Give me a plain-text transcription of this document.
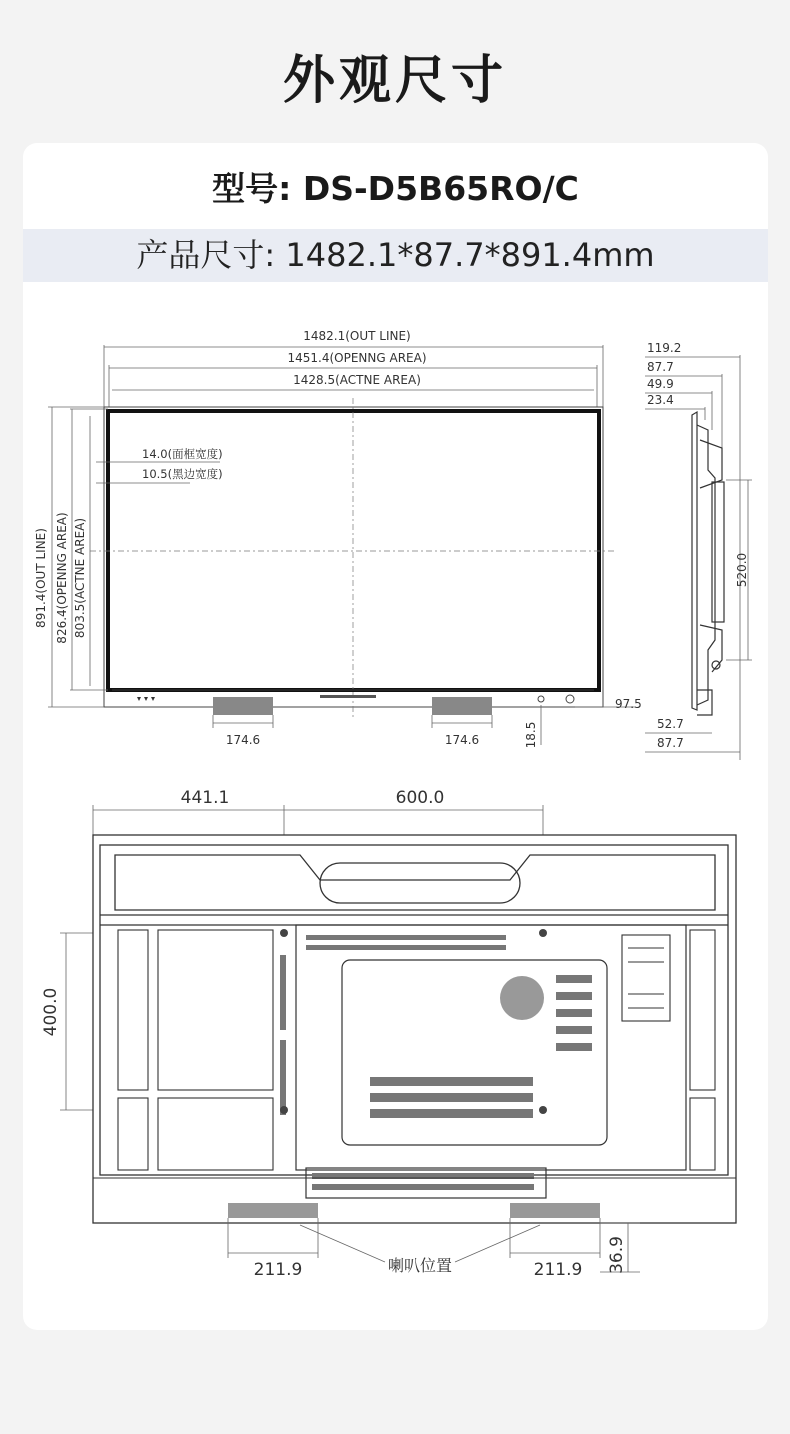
外观尺寸
型号: DS-D5B65RO/C
产品尺寸: 1482.1*87.7*891.4mm
1482.1(OUT LINE)
1451.4(OPENNG AREA)
1428.5(ACTNE AREA)
14.0(面框宽度)
10.5(黑边宽度)
891.4(OUT LINE) 826.4(OPENNG AREA) 803.5(ACTNE AREA)
174.6	174.6	18.5
97.5
119.2
87.7
49.9
23.4
520.0
52.7
87.7
441.1	600.0
400.0
211.9	211.9
喇叭位置	36.9
